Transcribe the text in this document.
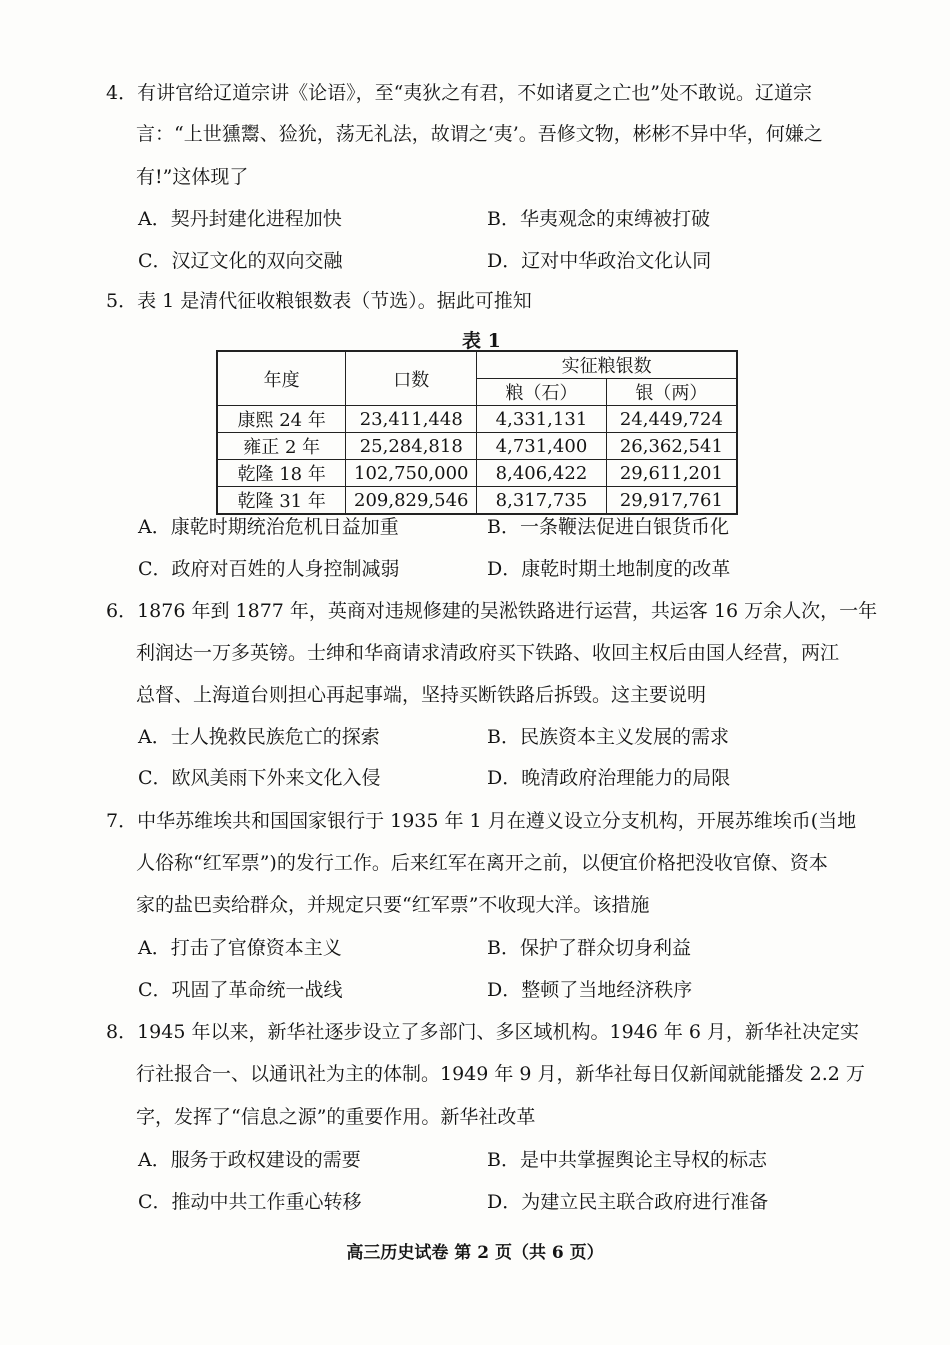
4．有讲官给辽道宗讲《论语》，至“夷狄之有君，不如诸夏之亡也”处不敢说。辽道宗
言：“上世獯鬻、猃狁，荡无礼法，故谓之‘夷’。吾修文物，彬彬不异中华，何嫌之
有!”这体现了
A．契丹封建化进程加快	B．华夷观念的束缚被打破
C．汉辽文化的双向交融	D．辽对中华政治文化认同
5．表 1 是清代征收粮银数表（节选）。据此可推知
表 1
年度	口数	实征粮银数	
		粮（石）	银（两）
康熙 24 年	23,411,448	4,331,131	24,449,724
雍正 2 年	25,284,818	4,731,400	26,362,541
乾隆 18 年	102,750,000	8,406,422	29,611,201
乾隆 31 年	209,829,546	8,317,735	29,917,761
A．康乾时期统治危机日益加重	B．一条鞭法促进白银货币化
C．政府对百姓的人身控制减弱	D．康乾时期土地制度的改革
6．1876 年到 1877 年，英商对违规修建的吴淞铁路进行运营，共运客 16 万余人次，一年
利润达一万多英镑。士绅和华商请求清政府买下铁路、收回主权后由国人经营，两江
总督、上海道台则担心再起事端，坚持买断铁路后拆毁。这主要说明
A．士人挽救民族危亡的探索	B．民族资本主义发展的需求
C．欧风美雨下外来文化入侵	D．晚清政府治理能力的局限
7．中华苏维埃共和国国家银行于 1935 年 1 月在遵义设立分支机构，开展苏维埃币(当地
人俗称“红军票”)的发行工作。后来红军在离开之前，以便宜价格把没收官僚、资本
家的盐巴卖给群众，并规定只要“红军票”不收现大洋。该措施
A．打击了官僚资本主义	B．保护了群众切身利益
C．巩固了革命统一战线	D．整顿了当地经济秩序
8．1945 年以来，新华社逐步设立了多部门、多区域机构。1946 年 6 月，新华社决定实
行社报合一、以通讯社为主的体制。1949 年 9 月，新华社每日仅新闻就能播发 2.2 万
字，发挥了“信息之源”的重要作用。新华社改革
A．服务于政权建设的需要	B．是中共掌握舆论主导权的标志
C．推动中共工作重心转移	D．为建立民主联合政府进行准备
高三历史试卷 第 2 页（共 6 页）
